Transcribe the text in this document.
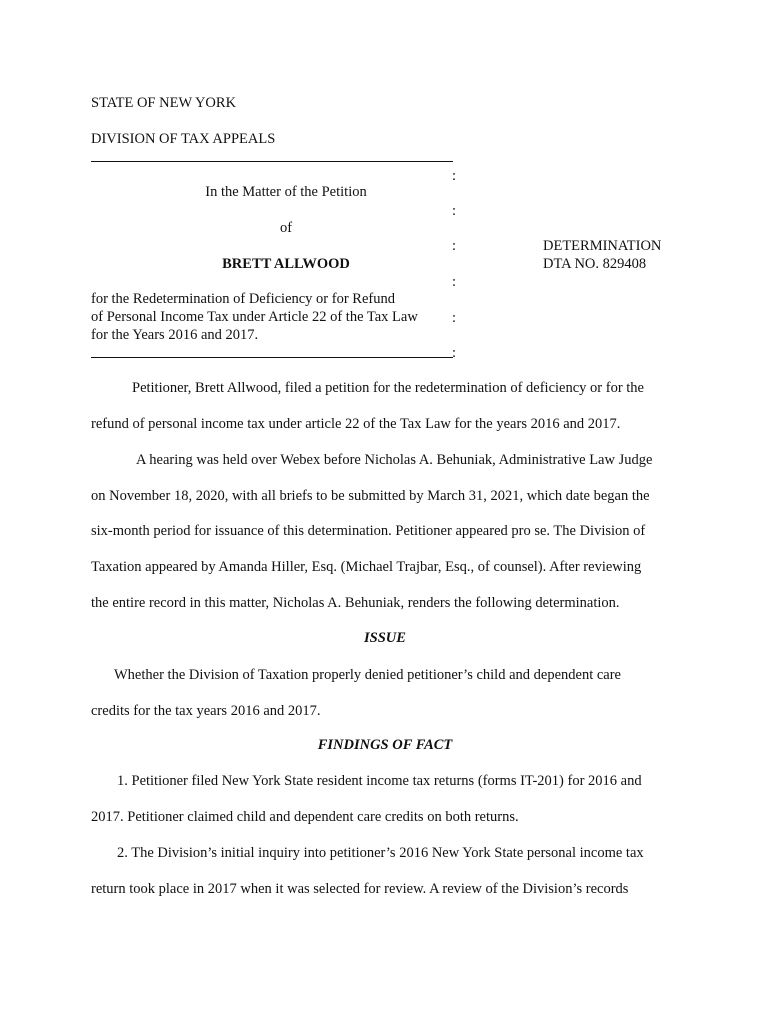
STATE OF NEW YORK
DIVISION OF TAX APPEALS
:
:
:
:
:
:
In the Matter of the Petition
of
BRETT ALLWOOD
for the Redetermination of Deficiency or for Refund
of Personal Income Tax under Article 22 of the Tax Law
for the Years 2016 and 2017.
DETERMINATION
DTA NO. 829408
Petitioner, Brett Allwood, filed a petition for the redetermination of deficiency or for the
refund of personal income tax under article 22 of the Tax Law for the years 2016 and 2017.
A hearing was held over Webex before Nicholas A. Behuniak, Administrative Law Judge
on November 18, 2020, with all briefs to be submitted by March 31, 2021, which date began the
six-month period for issuance of this determination. Petitioner appeared pro se. The Division of
Taxation appeared by Amanda Hiller, Esq. (Michael Trajbar, Esq., of counsel). After reviewing
the entire record in this matter, Nicholas A. Behuniak, renders the following determination.
ISSUE
Whether the Division of Taxation properly denied petitioner’s child and dependent care
credits for the tax years 2016 and 2017.
FINDINGS OF FACT
1. Petitioner filed New York State resident income tax returns (forms IT-201) for 2016 and
2017. Petitioner claimed child and dependent care credits on both returns.
2. The Division’s initial inquiry into petitioner’s 2016 New York State personal income tax
return took place in 2017 when it was selected for review. A review of the Division’s records
